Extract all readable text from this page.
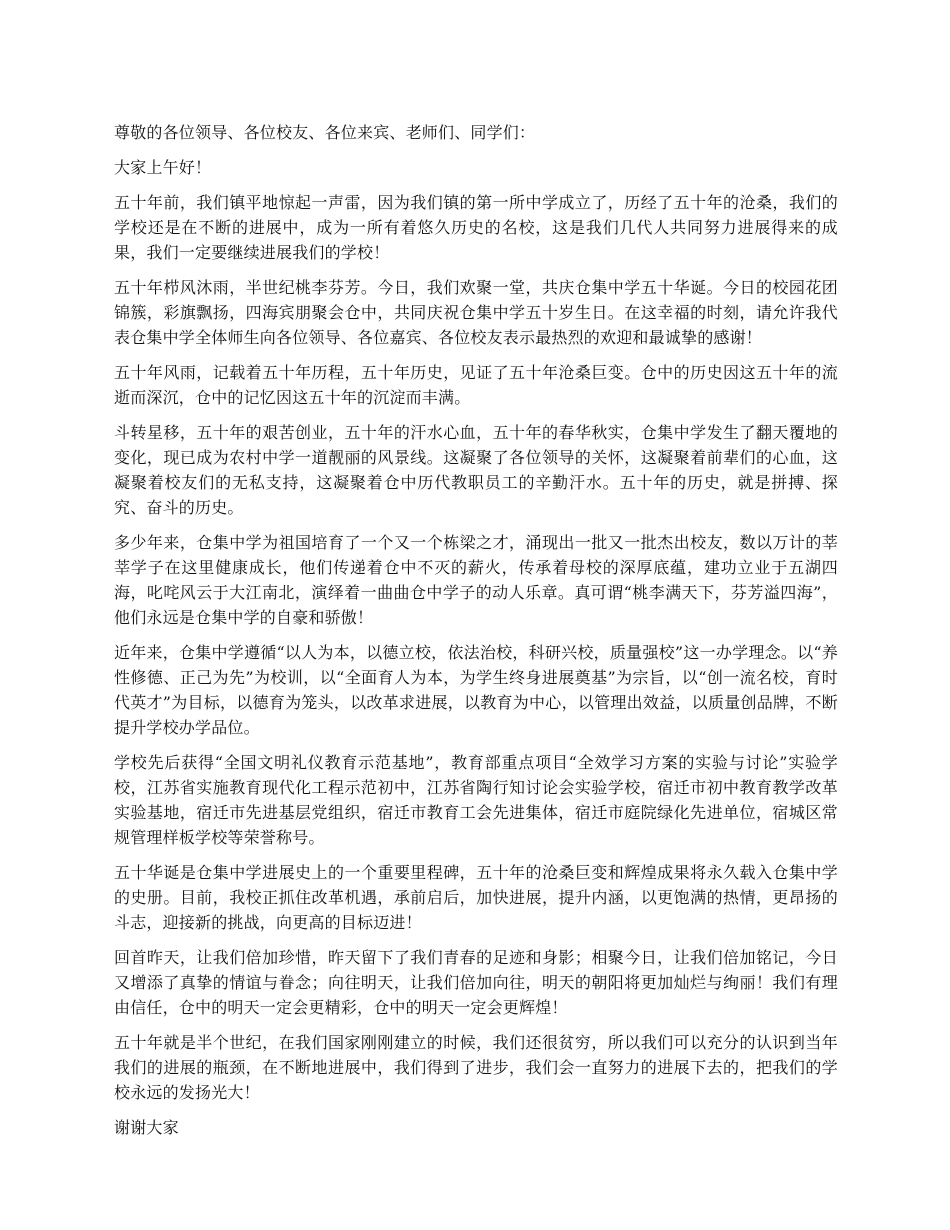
尊敬的各位领导、各位校友、各位来宾、老师们、同学们：

大家上午好！

五十年前，我们镇平地惊起一声雷，因为我们镇的第一所中学成立了，历经了五十年的沧桑，我们的学校还是在不断的进展中，成为一所有着悠久历史的名校，这是我们几代人共同努力进展得来的成果，我们一定要继续进展我们的学校！

五十年栉风沐雨，半世纪桃李芬芳。今日，我们欢聚一堂，共庆仓集中学五十华诞。今日的校园花团锦簇，彩旗飘扬，四海宾朋聚会仓中，共同庆祝仓集中学五十岁生日。在这幸福的时刻，请允许我代表仓集中学全体师生向各位领导、各位嘉宾、各位校友表示最热烈的欢迎和最诚挚的感谢！

五十年风雨，记载着五十年历程，五十年历史，见证了五十年沧桑巨变。仓中的历史因这五十年的流逝而深沉，仓中的记忆因这五十年的沉淀而丰满。

斗转星移，五十年的艰苦创业，五十年的汗水心血，五十年的春华秋实，仓集中学发生了翻天覆地的变化，现已成为农村中学一道靓丽的风景线。这凝聚了各位领导的关怀，这凝聚着前辈们的心血，这凝聚着校友们的无私支持，这凝聚着仓中历代教职员工的辛勤汗水。五十年的历史，就是拼搏、探究、奋斗的历史。

多少年来，仓集中学为祖国培育了一个又一个栋梁之才，涌现出一批又一批杰出校友，数以万计的莘莘学子在这里健康成长，他们传递着仓中不灭的薪火，传承着母校的深厚底蕴，建功立业于五湖四海，叱咤风云于大江南北，演绎着一曲曲仓中学子的动人乐章。真可谓“桃李满天下，芬芳溢四海”，他们永远是仓集中学的自豪和骄傲！

近年来，仓集中学遵循“以人为本，以德立校，依法治校，科研兴校，质量强校”这一办学理念。以“养性修德、正己为先”为校训，以“全面育人为本，为学生终身进展奠基”为宗旨，以“创一流名校，育时代英才”为目标，以德育为笼头，以改革求进展，以教育为中心，以管理出效益，以质量创品牌，不断提升学校办学品位。

学校先后获得“全国文明礼仪教育示范基地”，教育部重点项目“全效学习方案的实验与讨论”实验学校，江苏省实施教育现代化工程示范初中，江苏省陶行知讨论会实验学校，宿迁市初中教育教学改革实验基地，宿迁市先进基层党组织，宿迁市教育工会先进集体，宿迁市庭院绿化先进单位，宿城区常规管理样板学校等荣誉称号。

五十华诞是仓集中学进展史上的一个重要里程碑，五十年的沧桑巨变和辉煌成果将永久载入仓集中学的史册。目前，我校正抓住改革机遇，承前启后，加快进展，提升内涵，以更饱满的热情，更昂扬的斗志，迎接新的挑战，向更高的目标迈进！

回首昨天，让我们倍加珍惜，昨天留下了我们青春的足迹和身影；相聚今日，让我们倍加铭记，今日又增添了真挚的情谊与眷念；向往明天，让我们倍加向往，明天的朝阳将更加灿烂与绚丽！我们有理由信任，仓中的明天一定会更精彩，仓中的明天一定会更辉煌！

五十年就是半个世纪，在我们国家刚刚建立的时候，我们还很贫穷，所以我们可以充分的认识到当年我们的进展的瓶颈，在不断地进展中，我们得到了进步，我们会一直努力的进展下去的，把我们的学校永远的发扬光大！

谢谢大家
